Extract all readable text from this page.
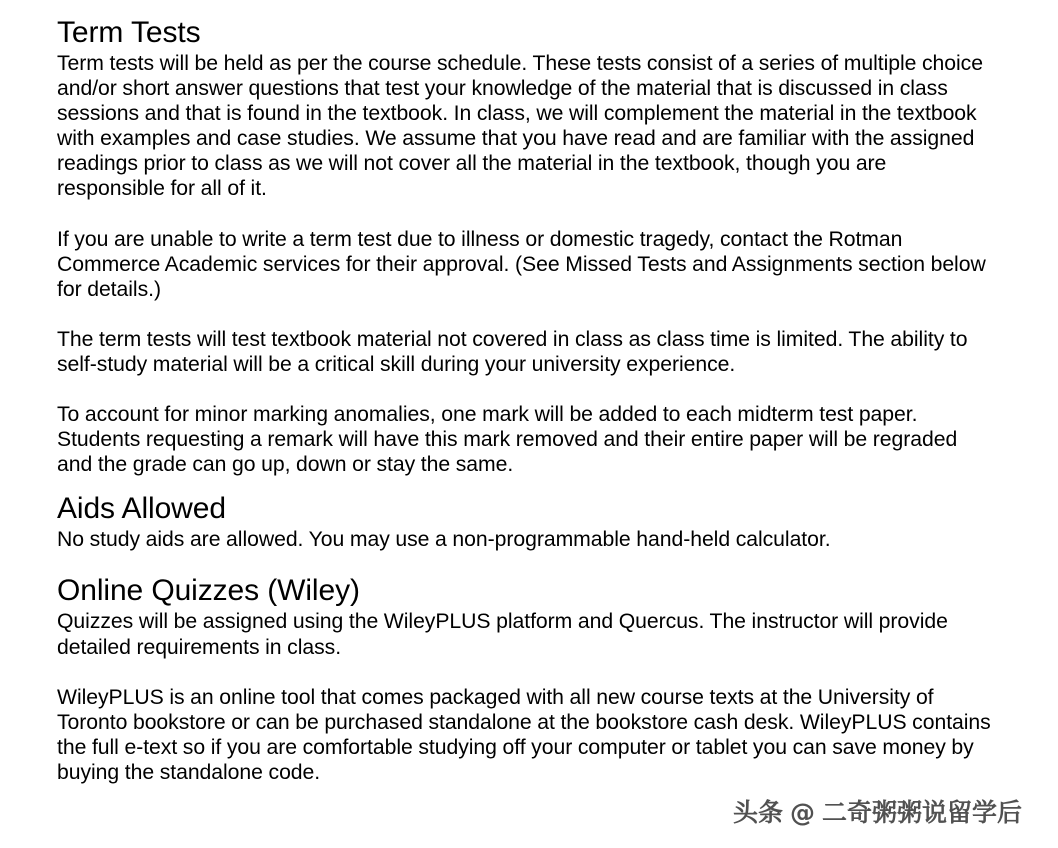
Term Tests

Term tests will be held as per the course schedule. These tests consist of a series of multiple choice and/or short answer questions that test your knowledge of the material that is discussed in class sessions and that is found in the textbook. In class, we will complement the material in the textbook with examples and case studies. We assume that you have read and are familiar with the assigned readings prior to class as we will not cover all the material in the textbook, though you are responsible for all of it.

If you are unable to write a term test due to illness or domestic tragedy, contact the Rotman Commerce Academic services for their approval. (See Missed Tests and Assignments section below for details.)

The term tests will test textbook material not covered in class as class time is limited. The ability to self-study material will be a critical skill during your university experience.

To account for minor marking anomalies, one mark will be added to each midterm test paper. Students requesting a remark will have this mark removed and their entire paper will be regraded and the grade can go up, down or stay the same.

Aids Allowed

No study aids are allowed. You may use a non-programmable hand-held calculator.

Online Quizzes (Wiley)

Quizzes will be assigned using the WileyPLUS platform and Quercus. The instructor will provide detailed requirements in class.

WileyPLUS is an online tool that comes packaged with all new course texts at the University of Toronto bookstore or can be purchased standalone at the bookstore cash desk. WileyPLUS contains the full e-text so if you are comfortable studying off your computer or tablet you can save money by buying the standalone code.

头条 @ 二奇粥粥说留学后
